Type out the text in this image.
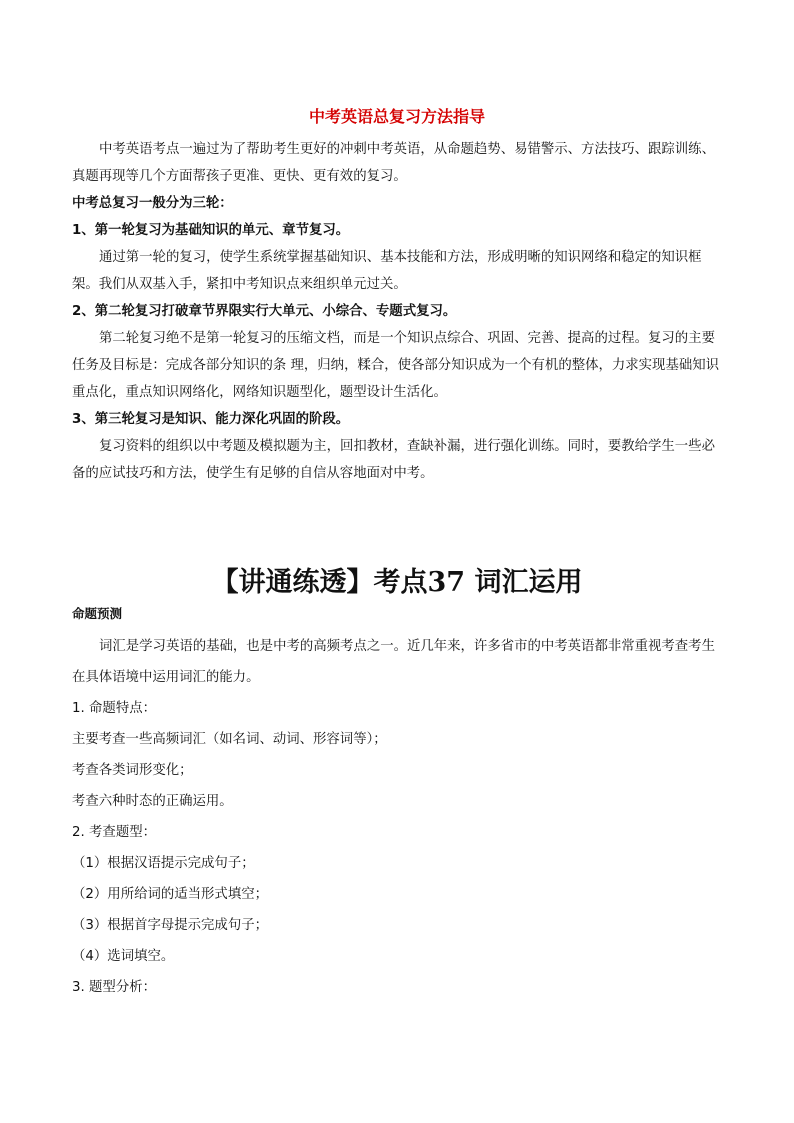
中考英语总复习方法指导
中考英语考点一遍过为了帮助考生更好的冲刺中考英语，从命题趋势、易错警示、方法技巧、跟踪训练、真题再现等几个方面帮孩子更准、更快、更有效的复习。
中考总复习一般分为三轮：
1、第一轮复习为基础知识的单元、章节复习。
通过第一轮的复习，使学生系统掌握基础知识、基本技能和方法，形成明晰的知识网络和稳定的知识框架。我们从双基入手，紧扣中考知识点来组织单元过关。
2、第二轮复习打破章节界限实行大单元、小综合、专题式复习。
第二轮复习绝不是第一轮复习的压缩文档，而是一个知识点综合、巩固、完善、提高的过程。复习的主要任务及目标是：完成各部分知识的条 理，归纳，糅合，使各部分知识成为一个有机的整体，力求实现基础知识重点化，重点知识网络化，网络知识题型化，题型设计生活化。
3、第三轮复习是知识、能力深化巩固的阶段。
复习资料的组织以中考题及模拟题为主，回扣教材，查缺补漏，进行强化训练。同时，要教给学生一些必备的应试技巧和方法，使学生有足够的自信从容地面对中考。
【讲通练透】考点37 词汇运用
命题预测
词汇是学习英语的基础，也是中考的高频考点之一。近几年来，许多省市的中考英语都非常重视考查考生在具体语境中运用词汇的能力。
1. 命题特点：
主要考查一些高频词汇（如名词、动词、形容词等）；
考查各类词形变化；
考查六种时态的正确运用。
2. 考查题型：
（1）根据汉语提示完成句子；
（2）用所给词的适当形式填空；
（3）根据首字母提示完成句子；
（4）选词填空。
3. 题型分析：
